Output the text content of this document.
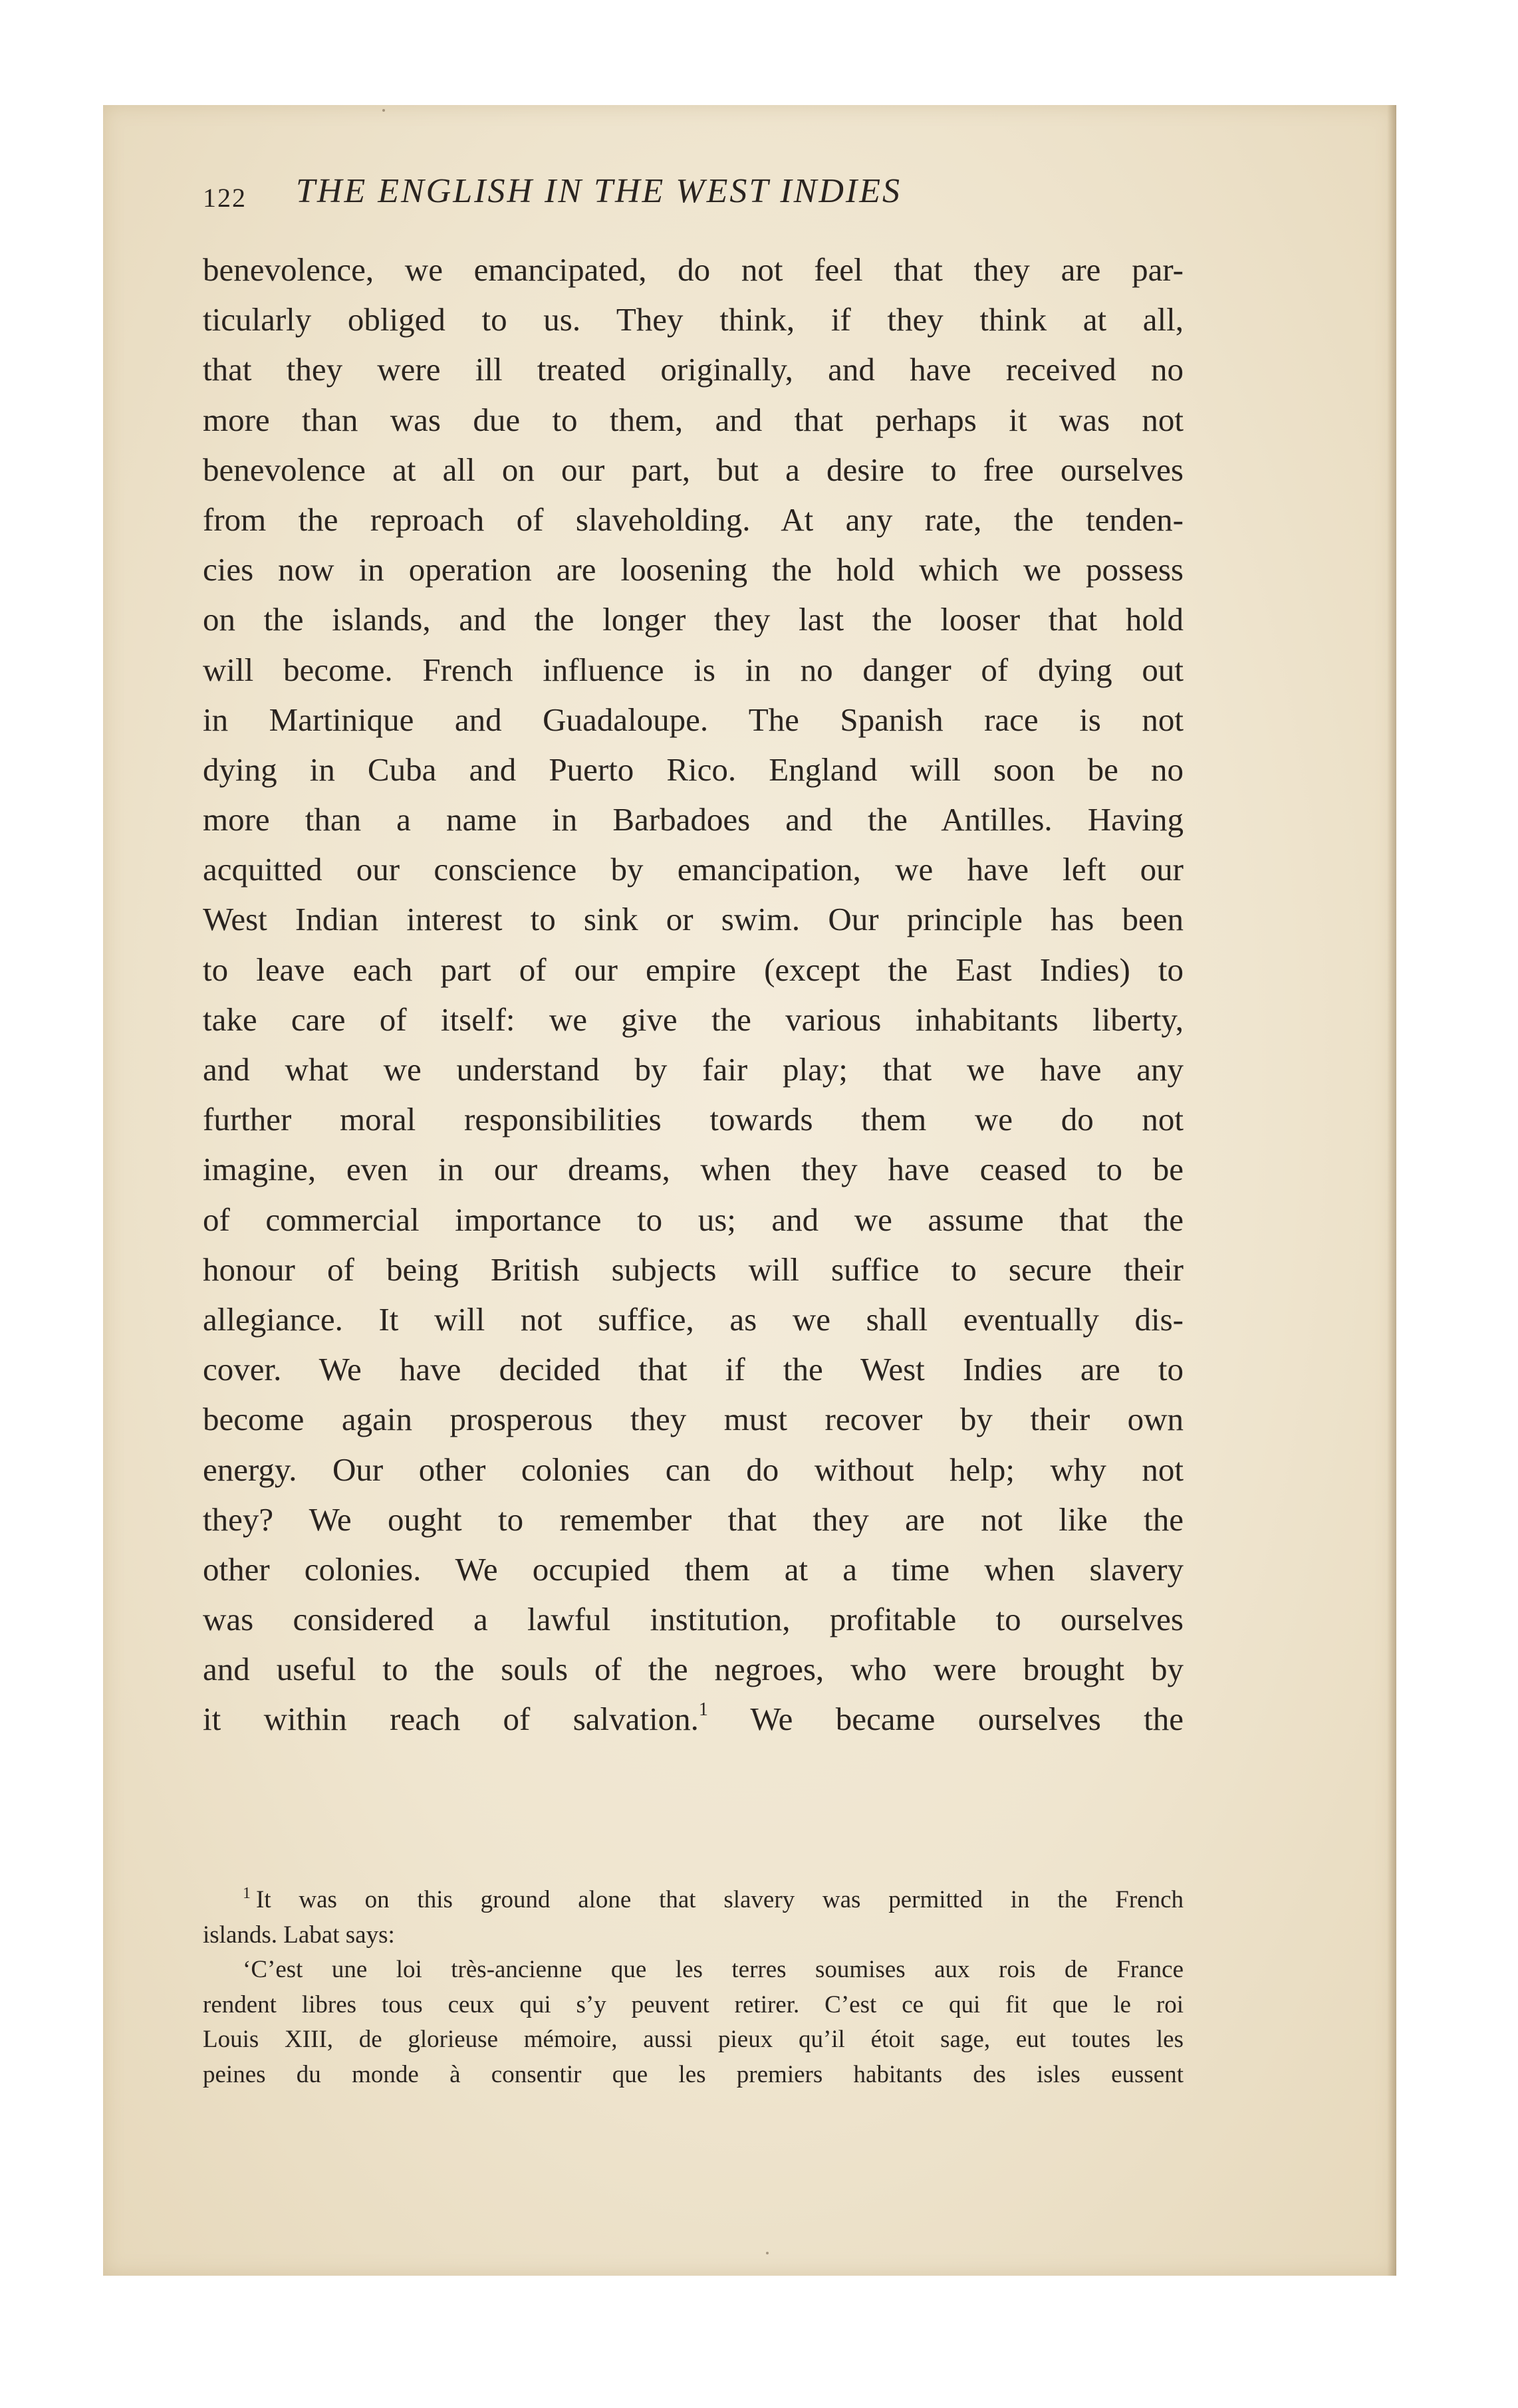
122 THE ENGLISH IN THE WEST INDIES
benevolence, we emancipated, do not feel that they are par-
ticularly obliged to us. They think, if they think at all,
that they were ill treated originally, and have received no
more than was due to them, and that perhaps it was not
benevolence at all on our part, but a desire to free ourselves
from the reproach of slaveholding. At any rate, the tenden-
cies now in operation are loosening the hold which we possess
on the islands, and the longer they last the looser that hold
will become. French influence is in no danger of dying out
in Martinique and Guadaloupe. The Spanish race is not
dying in Cuba and Puerto Rico. England will soon be no
more than a name in Barbadoes and the Antilles. Having
acquitted our conscience by emancipation, we have left our
West Indian interest to sink or swim. Our principle has been
to leave each part of our empire (except the East Indies) to
take care of itself: we give the various inhabitants liberty,
and what we understand by fair play; that we have any
further moral responsibilities towards them we do not
imagine, even in our dreams, when they have ceased to be
of commercial importance to us; and we assume that the
honour of being British subjects will suffice to secure their
allegiance. It will not suffice, as we shall eventually dis-
cover. We have decided that if the West Indies are to
become again prosperous they must recover by their own
energy. Our other colonies can do without help; why not
they? We ought to remember that they are not like the
other colonies. We occupied them at a time when slavery
was considered a lawful institution, profitable to ourselves
and useful to the souls of the negroes, who were brought by
it within reach of salvation.$^1$ We became ourselves the
$^1$ It was on this ground alone that slavery was permitted in the French
islands. Labat says:
‘C’est une loi très-ancienne que les terres soumises aux rois de France
rendent libres tous ceux qui s’y peuvent retirer. C’est ce qui fit que le roi
Louis XIII, de glorieuse mémoire, aussi pieux qu’il étoit sage, eut toutes les
peines du monde à consentir que les premiers habitants des isles eussent
